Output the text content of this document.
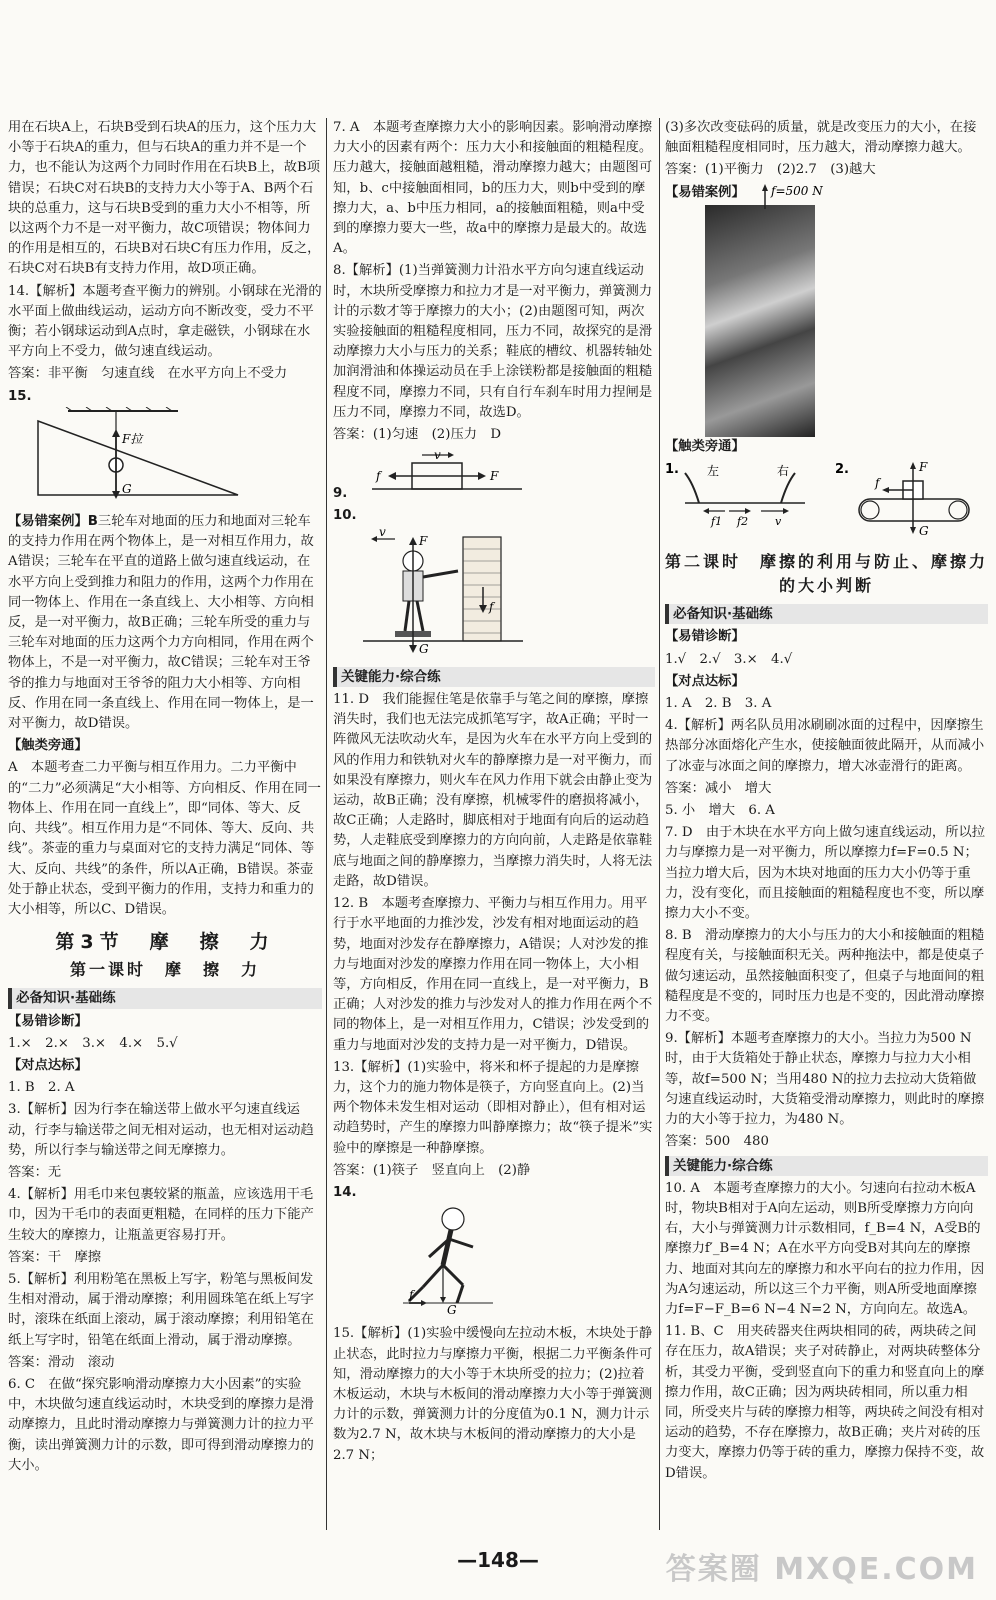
用在石块A上，石块B受到石块A的压力，这个压力大小等于石块A的重力，但与石块A的重力并不是一个力，也不能认为这两个力同时作用在石块B上，故B项错误；石块C对石块B的支持力大小等于A、B两个石块的总重力，这与石块B受到的重力大小不相等，所以这两个力不是一对平衡力，故C项错误；物体间力的作用是相互的，石块B对石块C有压力作用，反之，石块C对石块B有支持力作用，故D项正确。

14.【解析】本题考查平衡力的辨别。小钢球在光滑的水平面上做曲线运动，运动方向不断改变，受力不平衡；若小钢球运动到A点时，拿走磁铁，小钢球在水平方向上不受力，做匀速直线运动。

答案：非平衡　匀速直线　在水平方向上不受力

15.
F拉
G

【易错案例】B三轮车对地面的压力和地面对三轮车的支持力作用在两个物体上，是一对相互作用力，故A错误；三轮车在平直的道路上做匀速直线运动，在水平方向上受到推力和阻力的作用，这两个力作用在同一物体上、作用在一条直线上、大小相等、方向相反，是一对平衡力，故B正确；三轮车所受的重力与三轮车对地面的压力这两个力方向相同，作用在两个物体上，不是一对平衡力，故C错误；三轮车对王爷爷的推力与地面对王爷爷的阻力大小相等、方向相反、作用在同一条直线上、作用在同一物体上，是一对平衡力，故D错误。

【触类旁通】

A　本题考查二力平衡与相互作用力。二力平衡中的“二力”必须满足“大小相等、方向相反、作用在同一物体上、作用在同一直线上”，即“同体、等大、反向、共线”。相互作用力是“不同体、等大、反向、共线”。茶壶的重力与桌面对它的支持力满足“同体、等大、反向、共线”的条件，所以A正确，B错误。茶壶处于静止状态，受到平衡力的作用，支持力和重力的大小相等，所以C、D错误。

第3节　摩　擦　力
第一课时　摩　擦　力
必备知识·基础练

【易错诊断】

1.×　2.×　3.×　4.×　5.√

【对点达标】

1. B　2. A

3.【解析】因为行李在输送带上做水平匀速直线运动，行李与输送带之间无相对运动，也无相对运动趋势，所以行李与输送带之间无摩擦力。

答案：无

4.【解析】用毛巾来包裹较紧的瓶盖，应该选用干毛巾，因为干毛巾的表面更粗糙，在同样的压力下能产生较大的摩擦力，让瓶盖更容易打开。

答案：干　摩擦

5.【解析】利用粉笔在黑板上写字，粉笔与黑板间发生相对滑动，属于滑动摩擦；利用圆珠笔在纸上写字时，滚珠在纸面上滚动，属于滚动摩擦；利用铅笔在纸上写字时，铅笔在纸面上滑动，属于滑动摩擦。

答案：滑动　滚动

6. C　在做“探究影响滑动摩擦力大小因素”的实验中，木块做匀速直线运动时，木块受到的摩擦力是滑动摩擦力，且此时滑动摩擦力与弹簧测力计的拉力平衡，读出弹簧测力计的示数，即可得到滑动摩擦力的大小。

7. A　本题考查摩擦力大小的影响因素。影响滑动摩擦力大小的因素有两个：压力大小和接触面的粗糙程度。压力越大，接触面越粗糙，滑动摩擦力越大；由题图可知，b、c中接触面相同，b的压力大，则b中受到的摩擦力大，a、b中压力相同，a的接触面粗糙，则a中受到的摩擦力要大一些，故a中的摩擦力是最大的。故选A。

8.【解析】(1)当弹簧测力计沿水平方向匀速直线运动时，木块所受摩擦力和拉力才是一对平衡力，弹簧测力计的示数才等于摩擦力的大小；(2)由题图可知，两次实验接触面的粗糙程度相同，压力不同，故探究的是滑动摩擦力大小与压力的关系；鞋底的槽纹、机器转轴处加润滑油和体操运动员在手上涂镁粉都是接触面的粗糙程度不同，摩擦力不同，只有自行车刹车时用力捏闸是压力不同，摩擦力不同，故选D。

答案：(1)匀速　(2)压力　D

9.
v
f	F
10.
v
F
f
G
关键能力·综合练

11. D　我们能握住笔是依靠手与笔之间的摩擦，摩擦消失时，我们也无法完成抓笔写字，故A正确；平时一阵微风无法吹动火车，是因为火车在水平方向上受到的风的作用力和铁轨对火车的静摩擦力是一对平衡力，而如果没有摩擦力，则火车在风力作用下就会由静止变为运动，故B正确；没有摩擦，机械零件的磨损将减小，故C正确；人走路时，脚底相对于地面有向后的运动趋势，人走鞋底受到摩擦力的方向向前，人走路是依靠鞋底与地面之间的静摩擦力，当摩擦力消失时，人将无法走路，故D错误。

12. B　本题考查摩擦力、平衡力与相互作用力。用平行于水平地面的力推沙发，沙发有相对地面运动的趋势，地面对沙发存在静摩擦力，A错误；人对沙发的推力与地面对沙发的摩擦力作用在同一物体上，大小相等，方向相反，作用在同一直线上，是一对平衡力，B正确；人对沙发的推力与沙发对人的推力作用在两个不同的物体上，是一对相互作用力，C错误；沙发受到的重力与地面对沙发的支持力是一对平衡力，D错误。

13.【解析】(1)实验中，将米和杯子提起的力是摩擦力，这个力的施力物体是筷子，方向竖直向上。(2)当两个物体未发生相对运动（即相对静止），但有相对运动趋势时，产生的摩擦力叫静摩擦力；故“筷子提米”实验中的摩擦是一种静摩擦。

答案：(1)筷子　竖直向上　(2)静

14.
f
G

15.【解析】(1)实验中缓慢向左拉动木板，木块处于静止状态，此时拉力与摩擦力平衡，根据二力平衡条件可知，滑动摩擦力的大小等于木块所受的拉力；(2)拉着木板运动，木块与木板间的滑动摩擦力大小等于弹簧测力计的示数，弹簧测力计的分度值为0.1 N，测力计示数为2.7 N，故木块与木板间的滑动摩擦力的大小是2.7 N；

(3)多次改变砝码的质量，就是改变压力的大小，在接触面粗糙程度相同时，压力越大，滑动摩擦力越大。

答案：(1)平衡力　(2)2.7　(3)越大

【易错案例】	f=500 N

【触类旁通】

1. 左	右
f1 f2 v
2.	F
f
G
第二课时　摩擦的利用与防止、摩擦力的大小判断
必备知识·基础练

【易错诊断】

1.√　2.√　3.×　4.√

【对点达标】

1. A　2. B　3. A

4.【解析】两名队员用冰刷刷冰面的过程中，因摩擦生热部分冰面熔化产生水，使接触面彼此隔开，从而减小了冰壶与冰面之间的摩擦力，增大冰壶滑行的距离。

答案：减小　增大

5. 小　增大　6. A

7. D　由于木块在水平方向上做匀速直线运动，所以拉力与摩擦力是一对平衡力，所以摩擦力f=F=0.5 N；当拉力增大后，因为木块对地面的压力大小仍等于重力，没有变化，而且接触面的粗糙程度也不变，所以摩擦力大小不变。

8. B　滑动摩擦力的大小与压力的大小和接触面的粗糙程度有关，与接触面积无关。两种拖法中，都是使桌子做匀速运动，虽然接触面积变了，但桌子与地面间的粗糙程度是不变的，同时压力也是不变的，因此滑动摩擦力不变。

9.【解析】本题考查摩擦力的大小。当拉力为500 N时，由于大货箱处于静止状态，摩擦力与拉力大小相等，故f=500 N；当用480 N的拉力去拉动大货箱做匀速直线运动时，大货箱受滑动摩擦力，则此时的摩擦力的大小等于拉力，为480 N。

答案：500　480

关键能力·综合练

10. A　本题考查摩擦力的大小。匀速向右拉动木板A时，物块B相对于A向左运动，则B所受摩擦力方向向右，大小与弹簧测力计示数相同，f_B=4 N，A受B的摩擦力f′_B=4 N；A在水平方向受B对其向左的摩擦力、地面对其向左的摩擦力和水平向右的拉力作用，因为A匀速运动，所以这三个力平衡，则A所受地面摩擦力f=F−F_B=6 N−4 N=2 N，方向向左。故选A。

11. B、C　用夹砖器夹住两块相同的砖，两块砖之间存在压力，故A错误；夹子对砖静止，对两块砖整体分析，其受力平衡，受到竖直向下的重力和竖直向上的摩擦力作用，故C正确；因为两块砖相同，所以重力相同，所受夹片与砖的摩擦力相等，两块砖之间没有相对运动的趋势，不存在摩擦力，故B正确；夹片对砖的压力变大，摩擦力仍等于砖的重力，摩擦力保持不变，故D错误。

—148—	答案圈 MXQE.COM
